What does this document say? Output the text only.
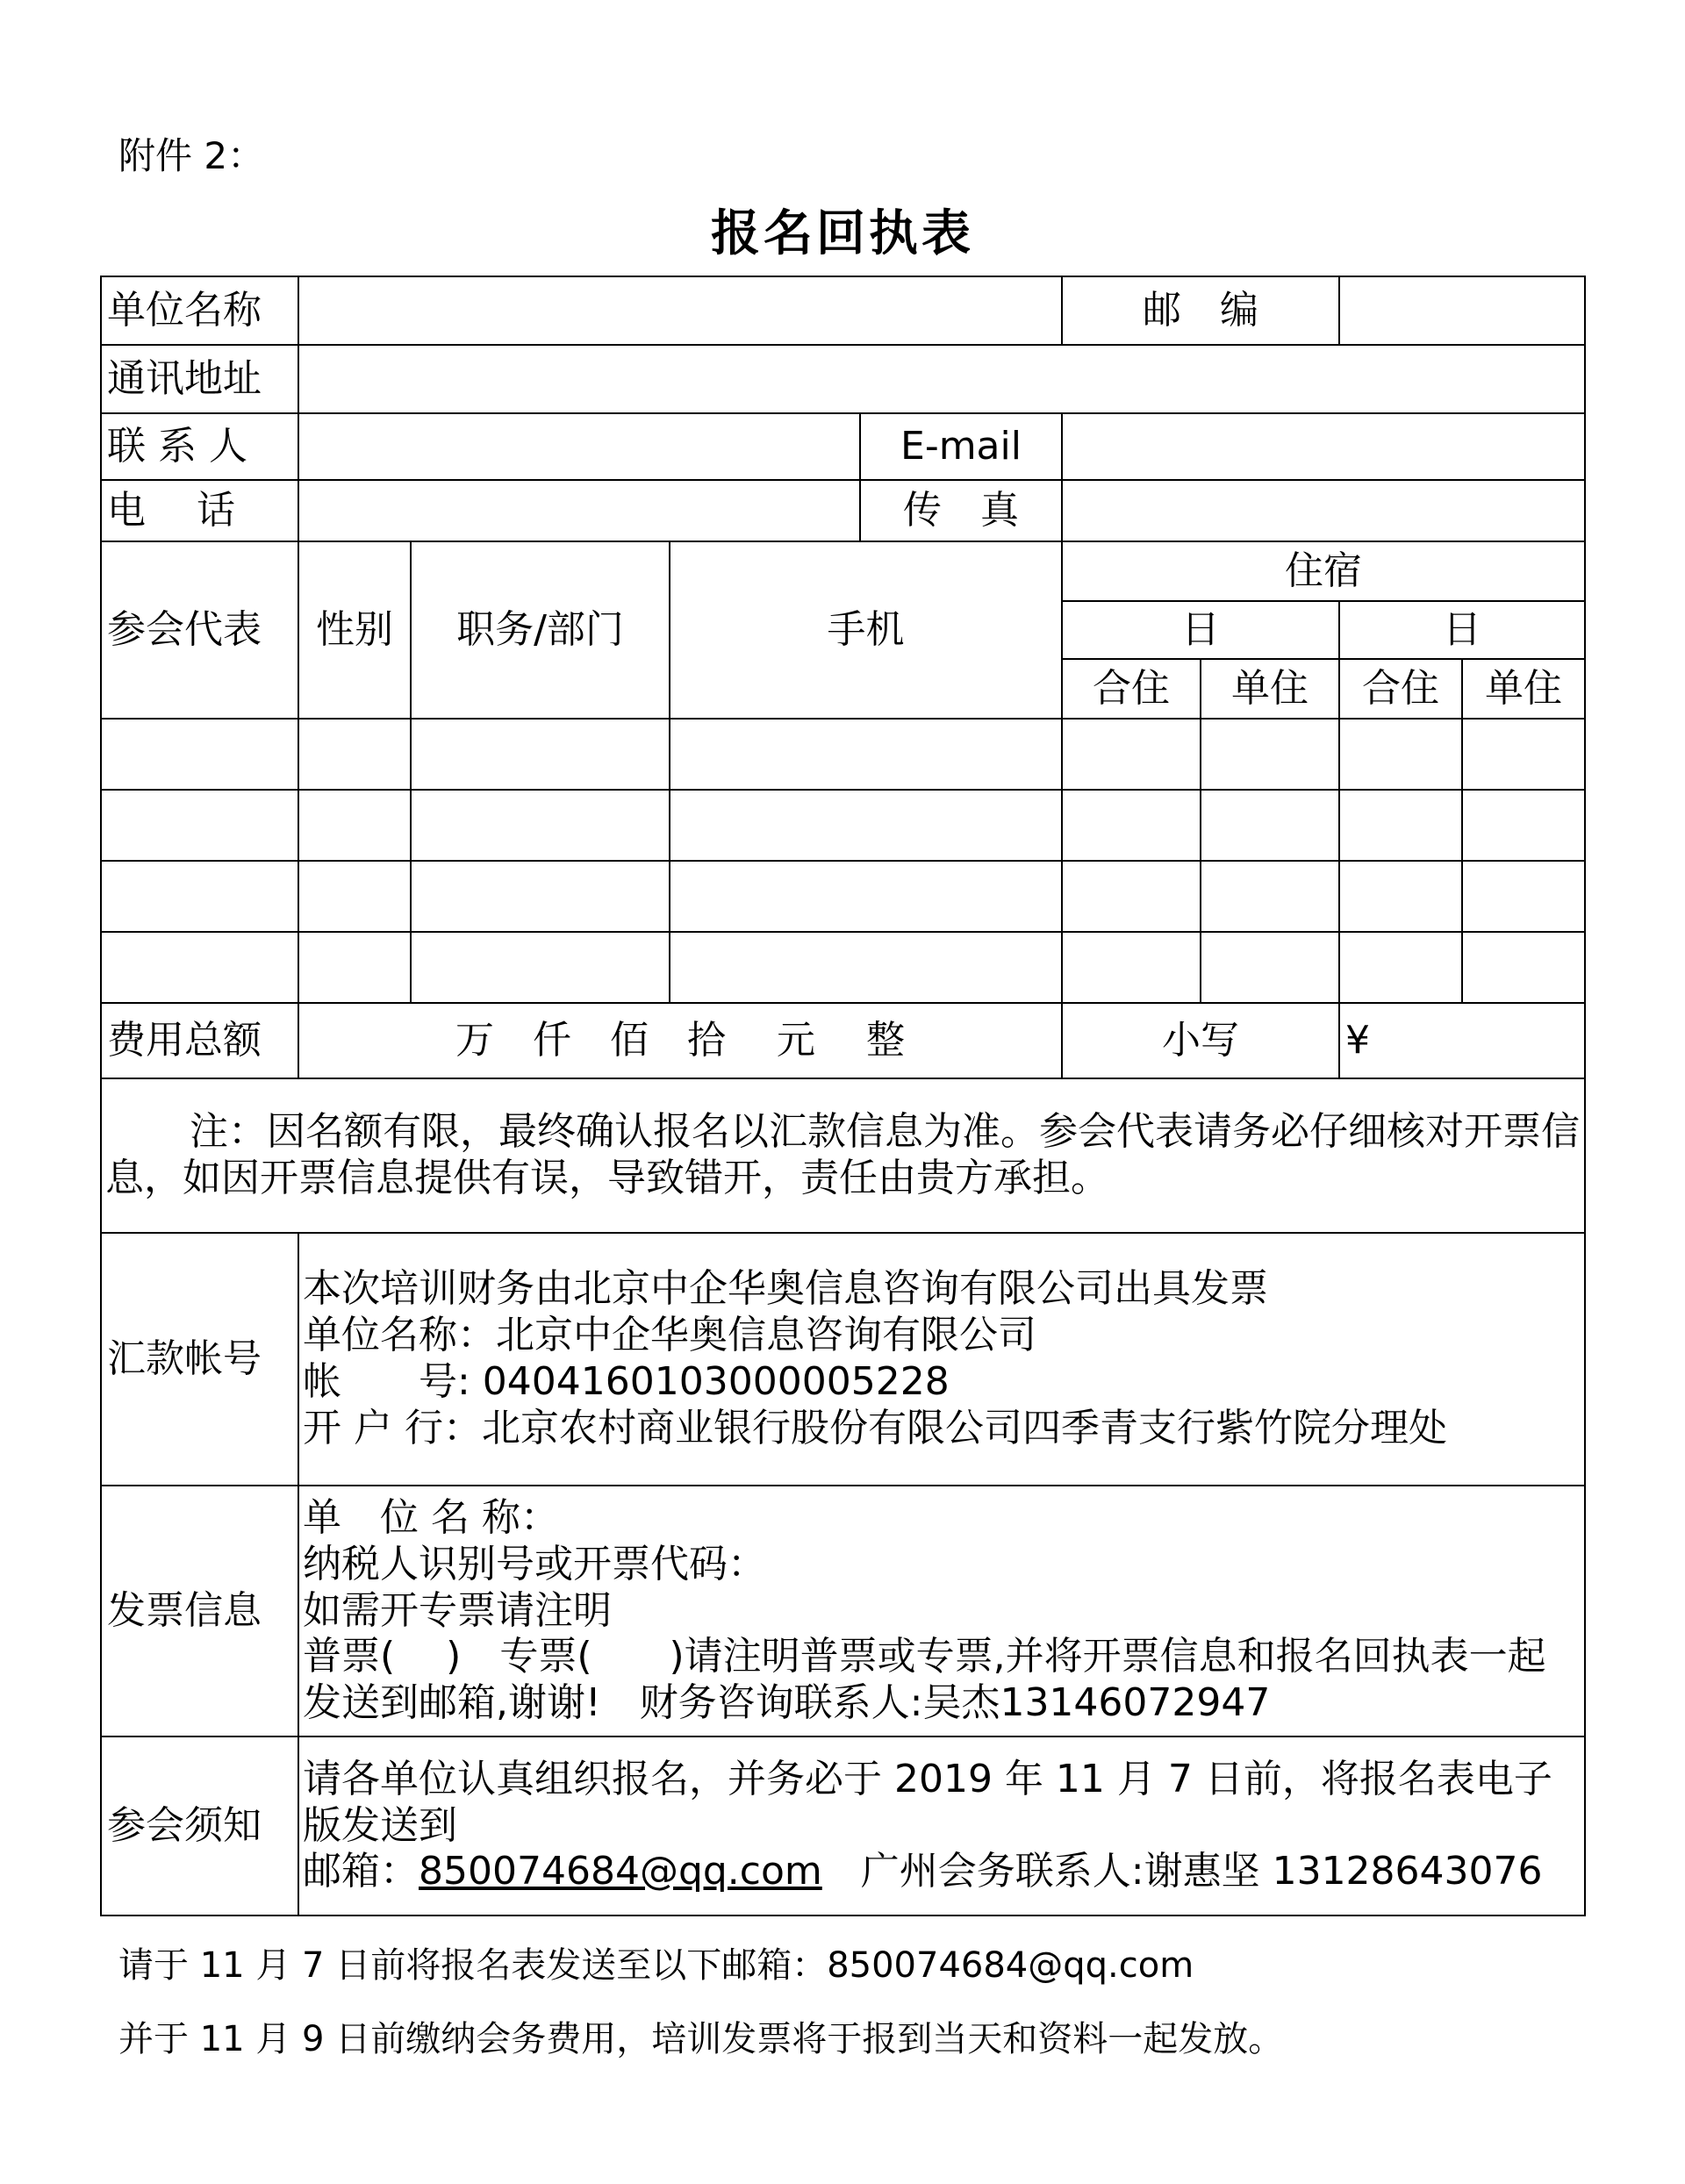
附件 2：
报名回执表
单位名称					邮　编			
通讯地址								
联 系 人				E-mail				
电　 话				传　真				
参会代表	性别	职务/部门	手机		住宿			
					日		日	
					合住	单住	合住	单住

费用总额	万　仟　佰　拾　 元　 整				小写		¥	
注：因名额有限，最终确认报名以汇款信息为准。参会代表请务必仔细核对开票信息，如因开票信息提供有误，导致错开，责任由贵方承担。								
汇款帐号	本次培训财务由北京中企华奥信息咨询有限公司出具发票
单位名称：北京中企华奥信息咨询有限公司
帐　　号: 0404160103000005228
开 户 行：北京农村商业银行股份有限公司四季青支行紫竹院分理处							

发票信息	单　位 名 称：
纳税人识别号或开票代码：
如需开专票请注明
普票(　 )　专票(　　)请注明普票或专票,并将开票信息和报名回执表一起发送到邮箱,谢谢!　财务咨询联系人:吴杰13146072947							

参会须知	请各单位认真组织报名，并务必于 2019 年 11 月 7 日前，将报名表电子版发送到
邮箱：850074684@qq.com　广州会务联系人:谢惠坚 13128643076							
请于 11 月 7 日前将报名表发送至以下邮箱：850074684@qq.com
并于 11 月 9 日前缴纳会务费用，培训发票将于报到当天和资料一起发放。
